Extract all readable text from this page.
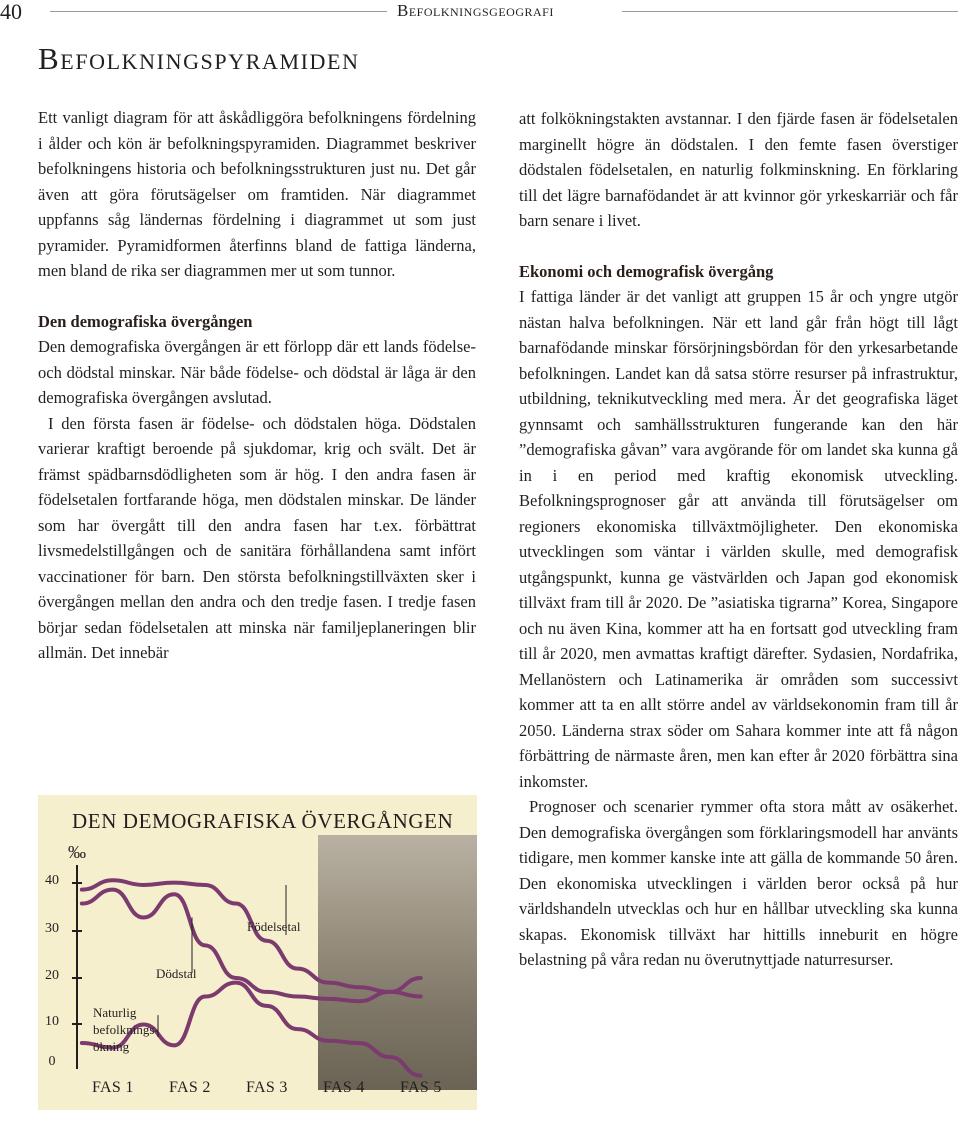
40	Befolkningsgeografi
Befolkningspyramiden

Ett vanligt diagram för att åskådliggöra befolkningens fördelning i ålder och kön är befolkningspyramiden. Diagrammet beskriver befolkningens historia och befolkningsstrukturen just nu. Det går även att göra förutsägelser om framtiden. När diagrammet uppfanns såg ländernas fördelning i diagrammet ut som just pyramider. Pyramidformen återfinns bland de fattiga länderna, men bland de rika ser diagrammen mer ut som tunnor.

Den demografiska övergången

Den demografiska övergången är ett förlopp där ett lands födelse- och dödstal minskar. När både födelse- och dödstal är låga är den demografiska övergången avslutad.

I den första fasen är födelse- och dödstalen höga. Dödstalen varierar kraftigt beroende på sjukdomar, krig och svält. Det är främst spädbarnsdödligheten som är hög. I den andra fasen är födelsetalen fortfarande höga, men dödstalen minskar. De länder som har övergått till den andra fasen har t.ex. förbättrat livsmedelstillgången och de sanitära förhållandena samt infört vaccinationer för barn. Den största befolkningstillväxten sker i övergången mellan den andra och den tredje fasen. I tredje fasen börjar sedan födelsetalen att minska när familjeplaneringen blir allmän. Det innebär

DEN DEMOGRAFISKA ÖVERGÅNGEN
‰
40
30
20
10
0
Födelsetal
Dödstal
Naturlig befolknings-ökning
FAS 1 FAS 2 FAS 3 FAS 4 FAS 5

att folkökningstakten avstannar. I den fjärde fasen är födelsetalen marginellt högre än dödstalen. I den femte fasen överstiger dödstalen födelsetalen, en naturlig folkminskning. En förklaring till det lägre barnafödandet är att kvinnor gör yrkeskarriär och får barn senare i livet.

Ekonomi och demografisk övergång

I fattiga länder är det vanligt att gruppen 15 år och yngre utgör nästan halva befolkningen. När ett land går från högt till lågt barnafödande minskar försörjningsbördan för den yrkesarbetande befolkningen. Landet kan då satsa större resurser på infrastruktur, utbildning, teknikutveckling med mera. Är det geografiska läget gynnsamt och samhällsstrukturen fungerande kan den här ”demografiska gåvan” vara avgörande för om landet ska kunna gå in i en period med kraftig ekonomisk utveckling. Befolkningsprognoser går att använda till förutsägelser om regioners ekonomiska tillväxtmöjligheter. Den ekonomiska utvecklingen som väntar i världen skulle, med demografisk utgångspunkt, kunna ge västvärlden och Japan god ekonomisk tillväxt fram till år 2020. De ”asiatiska tigrarna” Korea, Singapore och nu även Kina, kommer att ha en fortsatt god utveckling fram till år 2020, men avmattas kraftigt därefter. Sydasien, Nordafrika, Mellanöstern och Latinamerika är områden som successivt kommer att ta en allt större andel av världsekonomin fram till år 2050. Länderna strax söder om Sahara kommer inte att få någon förbättring de närmaste åren, men kan efter år 2020 förbättra sina inkomster.

Prognoser och scenarier rymmer ofta stora mått av osäkerhet. Den demografiska övergången som förklaringsmodell har använts tidigare, men kommer kanske inte att gälla de kommande 50 åren. Den ekonomiska utvecklingen i världen beror också på hur världshandeln utvecklas och hur en hållbar utveckling ska kunna skapas. Ekonomisk tillväxt har hittills inneburit en högre belastning på våra redan nu överutnyttjade naturresurser.
